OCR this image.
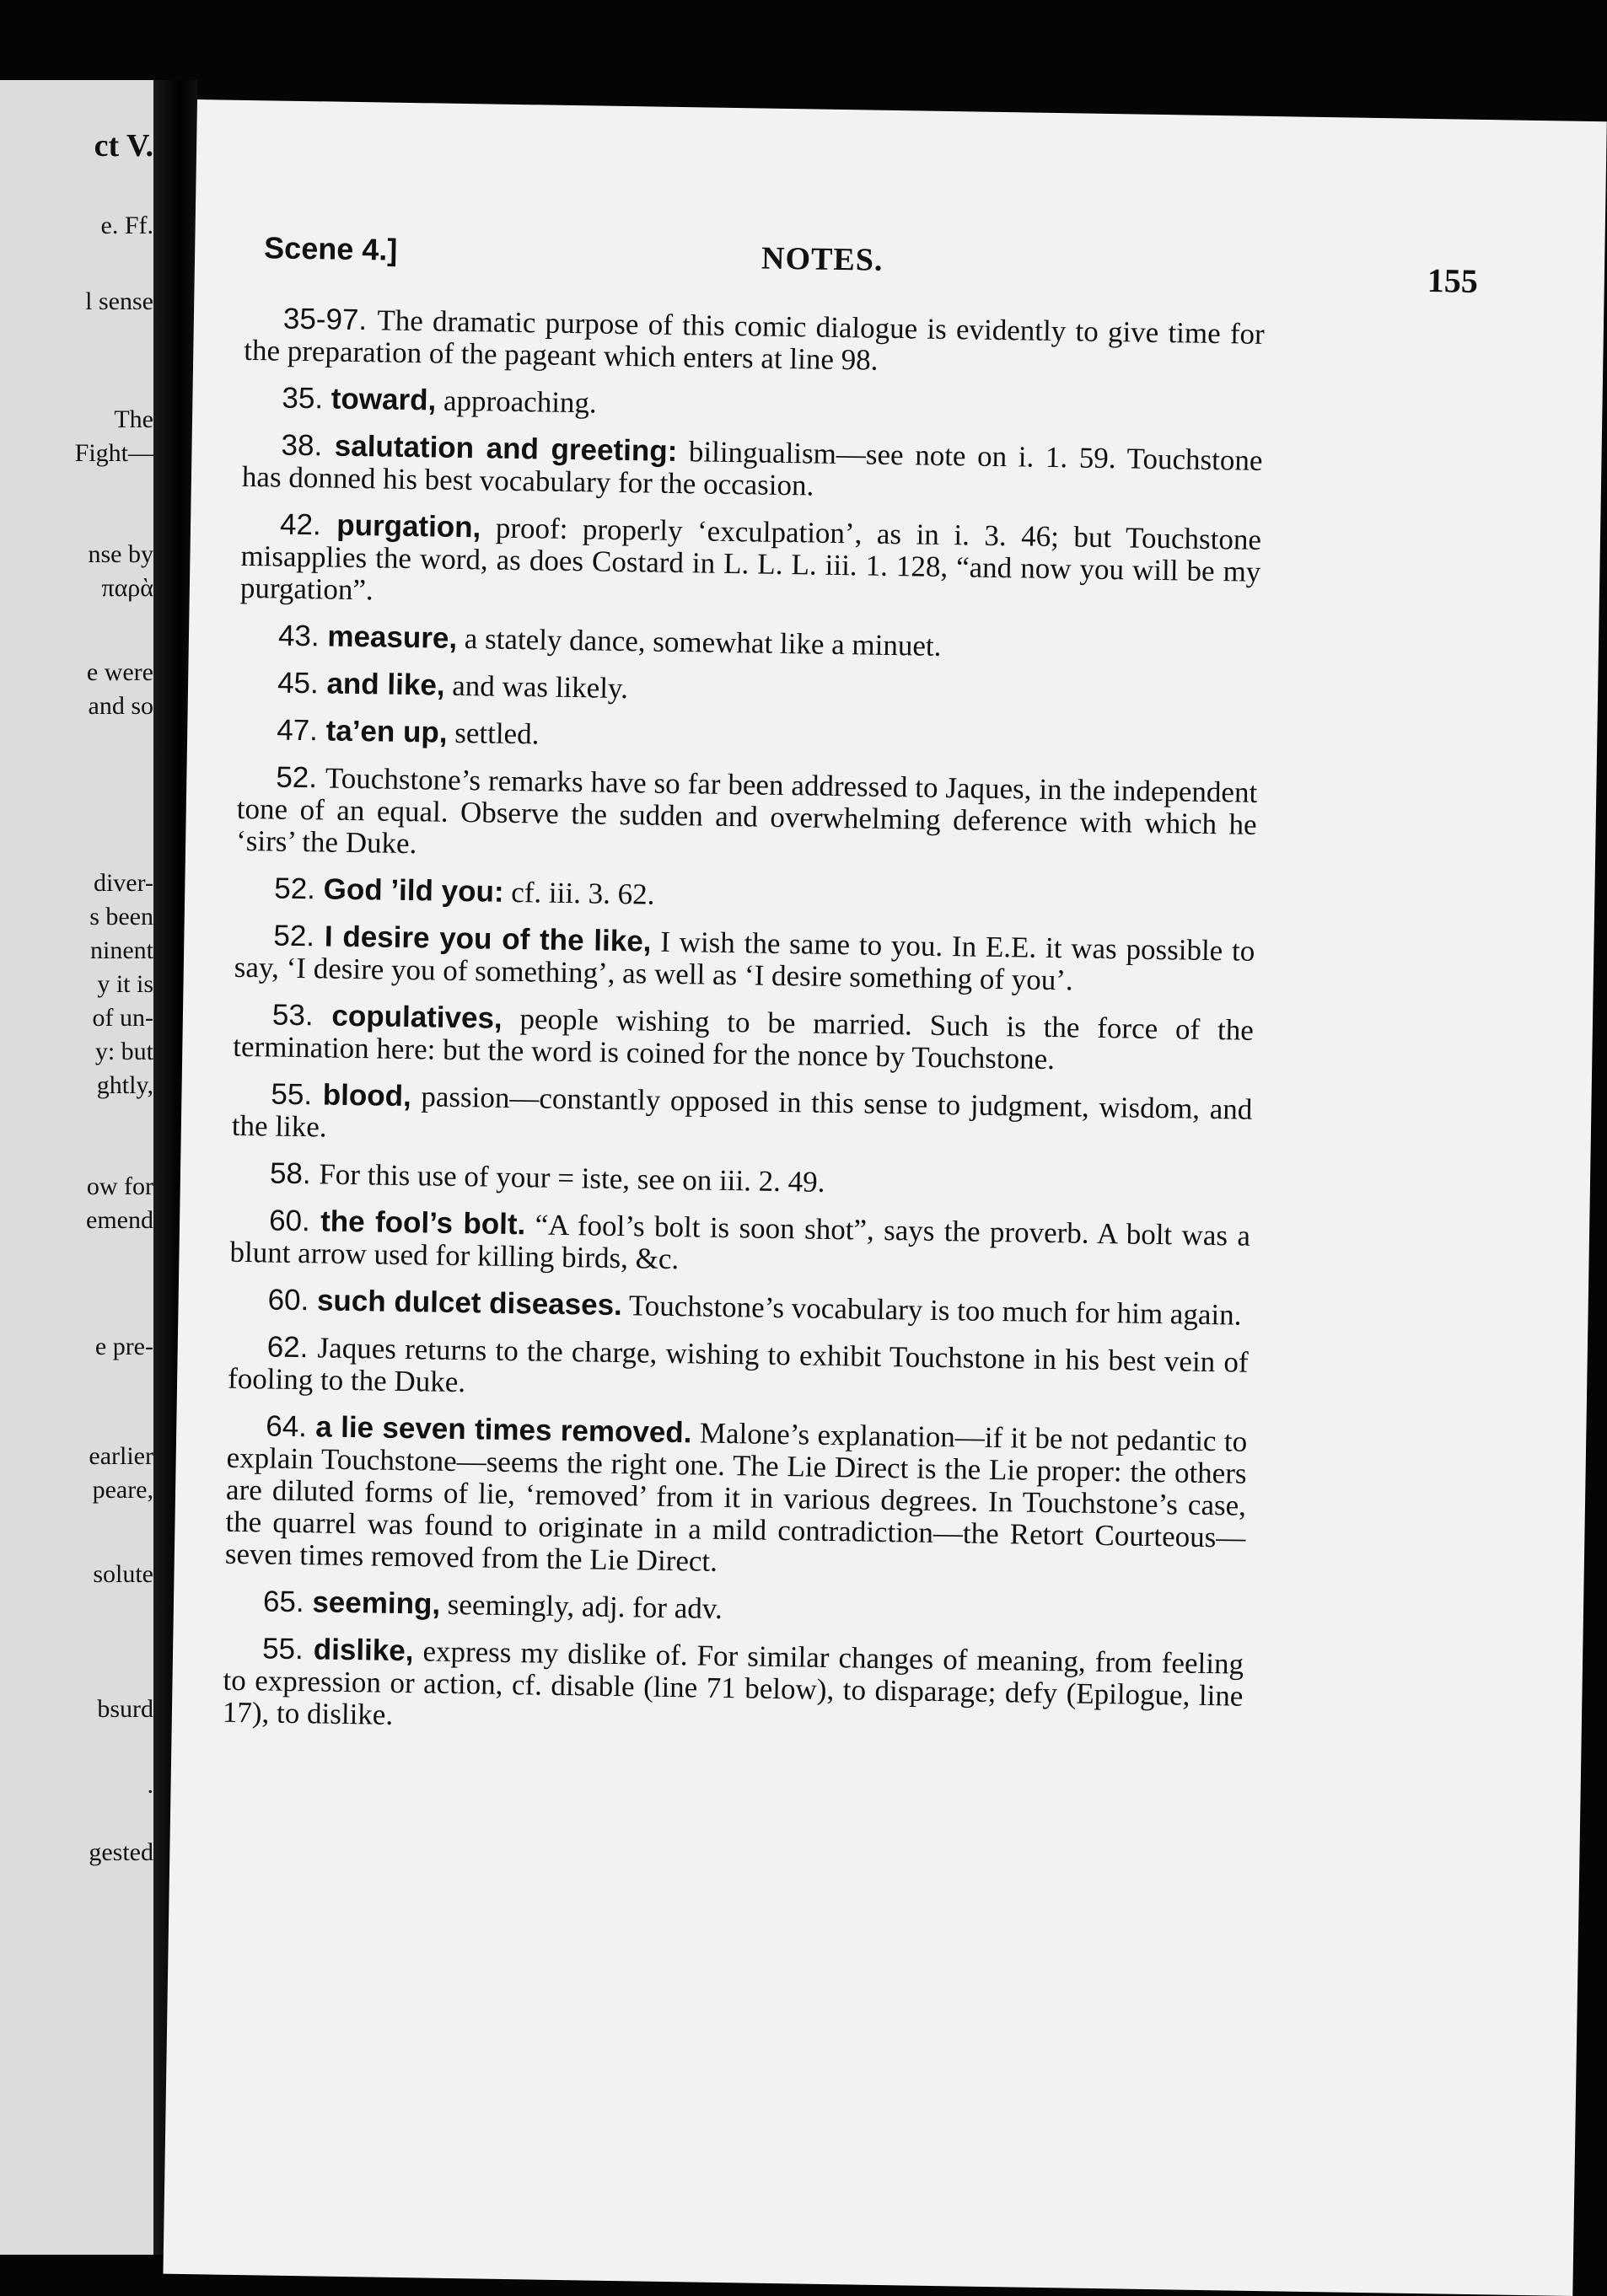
ct V.
e. Ff.
l sense
The
Fight—
nse by
παρὰ
e were
and so
diver-
s been
ninent
y it is
of un-
y: but
ghtly,
ow for
emend
e pre-
earlier
peare,
solute
bsurd
.
gested
Scene 4.]	NOTES.
155

35-97. The dramatic purpose of this comic dialogue is evidently to give time for the preparation of the pageant which enters at line 98.

35. toward, approaching.

38. salutation and greeting: bilingualism—see note on i. 1. 59. Touchstone has donned his best vocabulary for the occasion.

42. purgation, proof: properly ‘exculpation’, as in i. 3. 46; but Touchstone misapplies the word, as does Costard in L. L. L. iii. 1. 128, “and now you will be my purgation”.

43. measure, a stately dance, somewhat like a minuet.

45. and like, and was likely.

47. ta’en up, settled.

52. Touchstone’s remarks have so far been addressed to Jaques, in the independent tone of an equal. Observe the sudden and overwhelming deference with which he ‘sirs’ the Duke.

52. God ’ild you: cf. iii. 3. 62.

52. I desire you of the like, I wish the same to you. In E.E. it was possible to say, ‘I desire you of something’, as well as ‘I desire something of you’.

53. copulatives, people wishing to be married. Such is the force of the termination here: but the word is coined for the nonce by Touchstone.

55. blood, passion—constantly opposed in this sense to judgment, wisdom, and the like.

58. For this use of your = iste, see on iii. 2. 49.

60. the fool’s bolt. “A fool’s bolt is soon shot”, says the proverb. A bolt was a blunt arrow used for killing birds, &c.

60. such dulcet diseases. Touchstone’s vocabulary is too much for him again.

62. Jaques returns to the charge, wishing to exhibit Touchstone in his best vein of fooling to the Duke.

64. a lie seven times removed. Malone’s explanation—if it be not pedantic to explain Touchstone—seems the right one. The Lie Direct is the Lie proper: the others are diluted forms of lie, ‘removed’ from it in various degrees. In Touchstone’s case, the quarrel was found to originate in a mild contradiction—the Retort Courteous—seven times removed from the Lie Direct.

65. seeming, seemingly, adj. for adv.

55. dislike, express my dislike of. For similar changes of meaning, from feeling to expression or action, cf. disable (line 71 below), to disparage; defy (Epilogue, line 17), to dislike.
